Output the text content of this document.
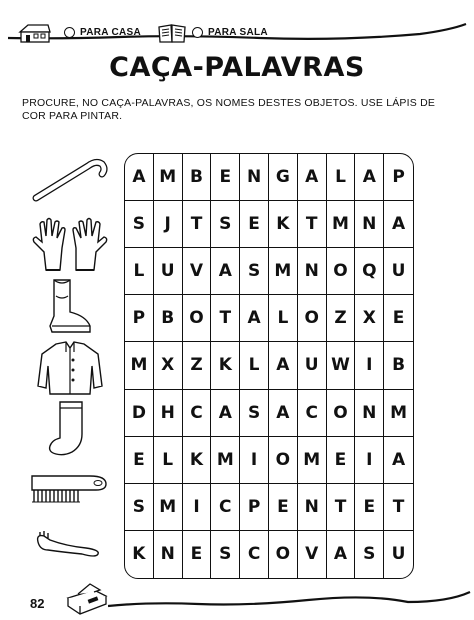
PARA CASA	PARA SALA
CAÇA-PALAVRAS
PROCURE, NO CAÇA-PALAVRAS, OS NOMES DESTES OBJETOS. USE LÁPIS DE COR PARA PINTAR.
A M B E N G A L A P
S	J	T S E K T M N A
L U V A S M N O Q U
P B O T A L O Z X E
M X Z K L A U W I	B
D H C A S A C O N M
E	L K M	I	O M E	I	A
S M	I	C P E N T	E	T
K N E S C O V A S U
82
